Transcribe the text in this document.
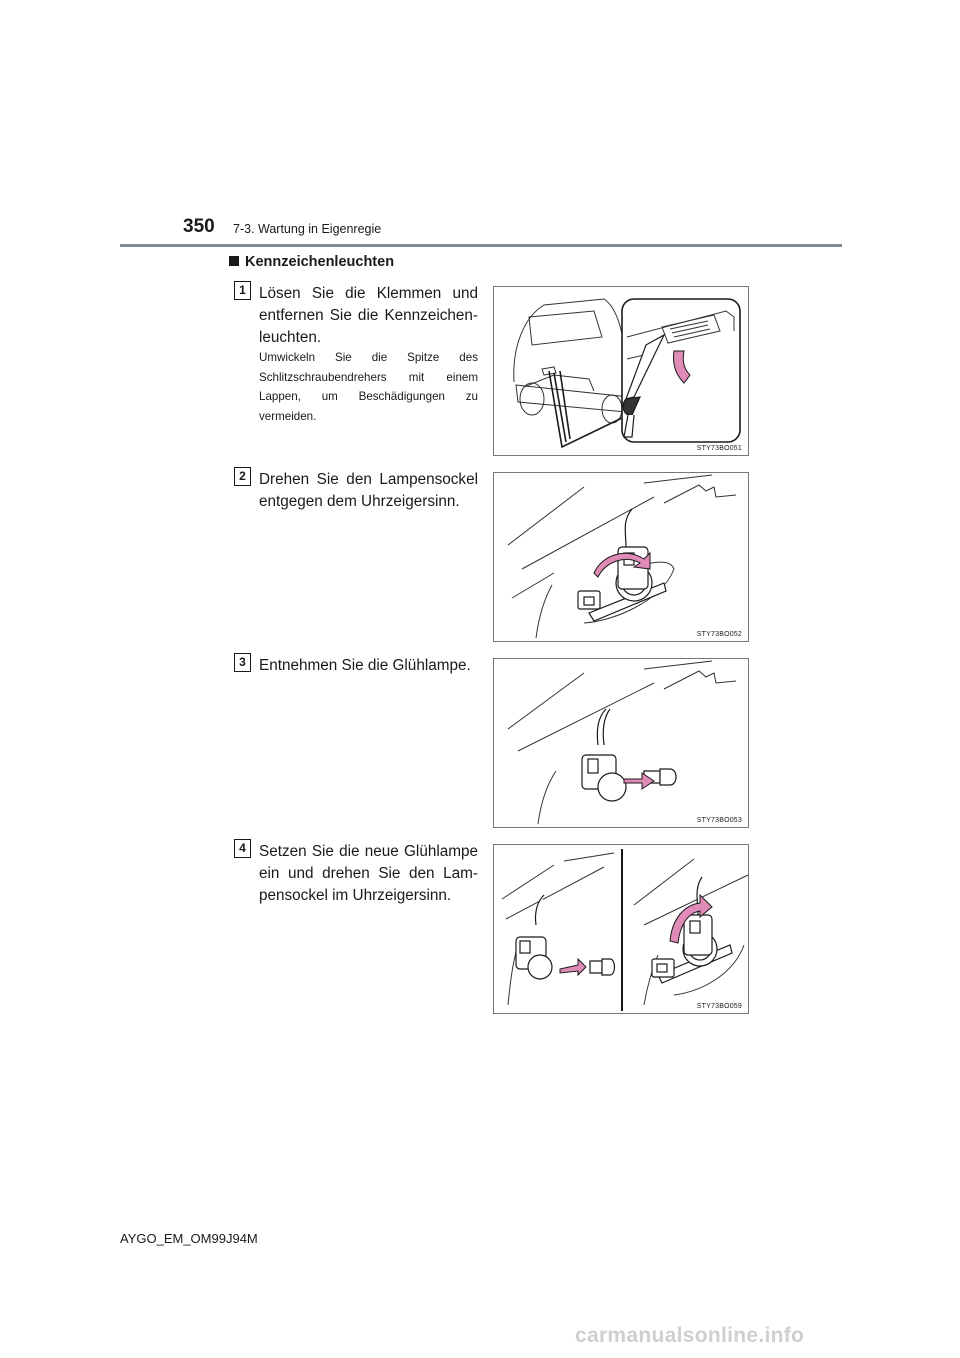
350 7-3. Wartung in Eigenregie
Kennzeichenleuchten
1 Lösen Sie die Klemmen und entfernen Sie die Kennzeichen-leuchten.
Umwickeln Sie die Spitze des Schlitzschraubendrehers mit einem Lappen, um Beschädigungen zu vermeiden.
STY73BO051
2 Drehen Sie den Lampensockel entgegen dem Uhrzeigersinn.
STY73BO052
3 Entnehmen Sie die Glühlampe.
STY73BO053
4 Setzen Sie die neue Glühlampe ein und drehen Sie den Lam-pensockel im Uhrzeigersinn.
STY73BO059
AYGO_EM_OM99J94M
carmanualsonline.info
